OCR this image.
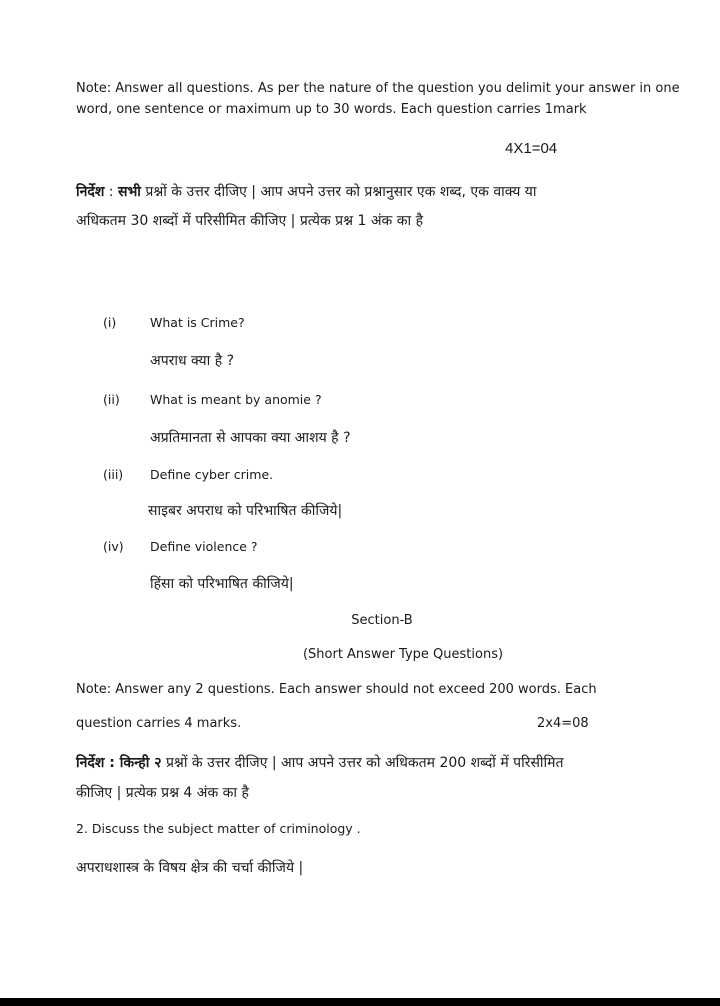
Note: Answer all questions. As per the nature of the question you delimit your answer in one
word, one sentence or maximum up to 30 words. Each question carries 1mark
4X1=04
निर्देश : सभी प्रश्नों के उत्तर दीजिए | आप अपने उत्तर को प्रश्नानुसार एक शब्द, एक वाक्य या
अधिकतम 30 शब्दों में परिसीमित कीजिए | प्रत्येक प्रश्न 1 अंक का है
(i)	What is Crime?
अपराध क्या है ?
(ii) What is meant by anomie ?
अप्रतिमानता से आपका क्या आशय है ?
(iii) Define cyber crime.
साइबर अपराध को परिभाषित कीजिये|
(iv) Define violence ?
हिंसा को परिभाषित कीजिये|
Section-B
(Short Answer Type Questions)
Note: Answer any 2 questions. Each answer should not exceed 200 words. Each
question carries 4 marks.	2x4=08
निर्देश : किन्ही २ प्रश्नों के उत्तर दीजिए | आप अपने उत्तर को अधिकतम 200 शब्दों में परिसीमित
कीजिए | प्रत्येक प्रश्न 4 अंक का है
2. Discuss the subject matter of criminology .
अपराधशास्त्र के विषय क्षेत्र की चर्चा कीजिये |
